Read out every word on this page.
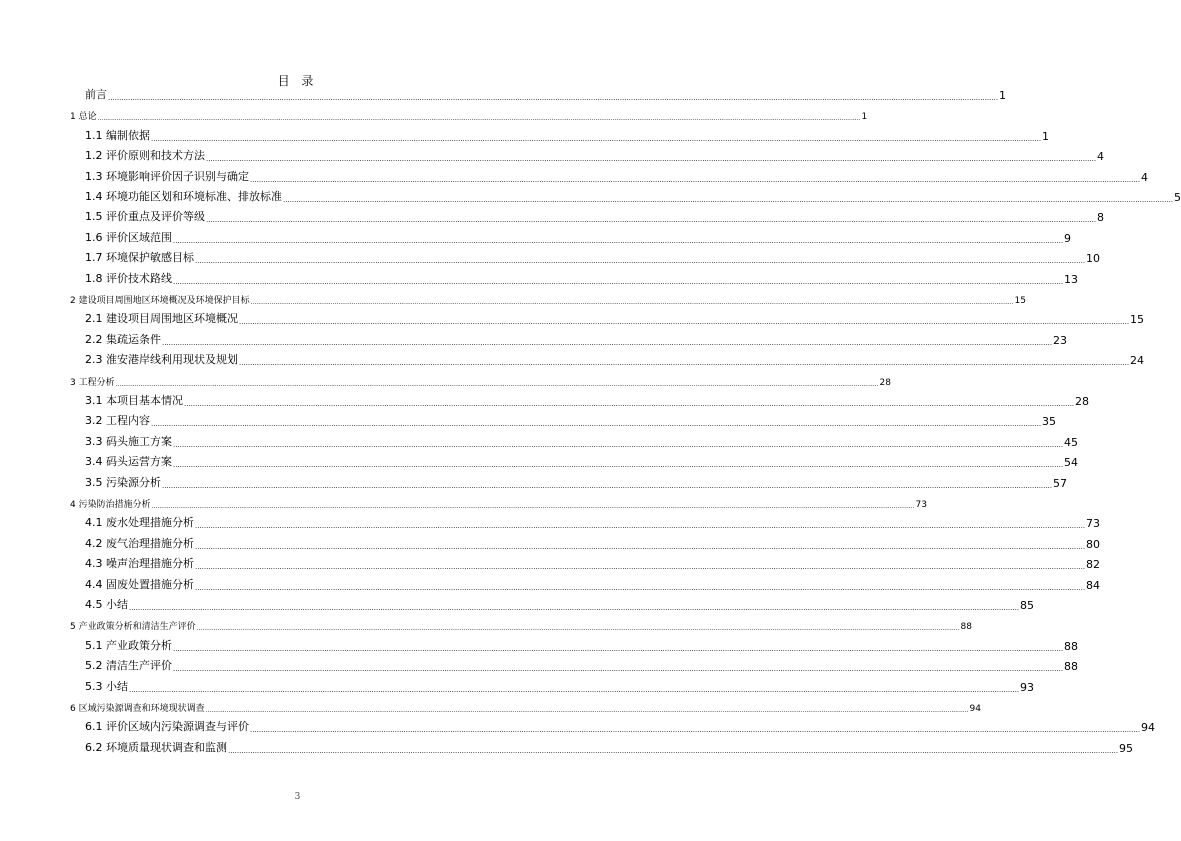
目 录
前言 ................................................................................................................................................................................................................................................................................................................................................................................................................ 1
1 总论 ................................................................................................................................................................................................................................................................................................................................................................................................................ 1
1.1 编制依据 ................................................................................................................................................................................................................................................................................................................................................................................................................ 1
1.2 评价原则和技术方法 ................................................................................................................................................................................................................................................................................................................................................................................................................ 4
1.3 环境影响评价因子识别与确定 ................................................................................................................................................................................................................................................................................................................................................................................................................ 4
1.4 环境功能区划和环境标准、排放标准 ................................................................................................................................................................................................................................................................................................................................................................................................................ 5
1.5 评价重点及评价等级 ................................................................................................................................................................................................................................................................................................................................................................................................................ 8
1.6 评价区域范围 ................................................................................................................................................................................................................................................................................................................................................................................................................ 9
1.7 环境保护敏感目标 ................................................................................................................................................................................................................................................................................................................................................................................................................ 10
1.8 评价技术路线 ................................................................................................................................................................................................................................................................................................................................................................................................................ 13
2 建设项目周围地区环境概况及环境保护目标 ................................................................................................................................................................................................................................................................................................................................................................................................................ 15
2.1 建设项目周围地区环境概况 ................................................................................................................................................................................................................................................................................................................................................................................................................ 15
2.2 集疏运条件 ................................................................................................................................................................................................................................................................................................................................................................................................................ 23
2.3 淮安港岸线利用现状及规划 ................................................................................................................................................................................................................................................................................................................................................................................................................ 24
3 工程分析 ................................................................................................................................................................................................................................................................................................................................................................................................................ 28
3.1 本项目基本情况 ................................................................................................................................................................................................................................................................................................................................................................................................................ 28
3.2 工程内容 ................................................................................................................................................................................................................................................................................................................................................................................................................ 35
3.3 码头施工方案 ................................................................................................................................................................................................................................................................................................................................................................................................................ 45
3.4 码头运营方案 ................................................................................................................................................................................................................................................................................................................................................................................................................ 54
3.5 污染源分析 ................................................................................................................................................................................................................................................................................................................................................................................................................ 57
4 污染防治措施分析 ................................................................................................................................................................................................................................................................................................................................................................................................................ 73
4.1 废水处理措施分析 ................................................................................................................................................................................................................................................................................................................................................................................................................ 73
4.2 废气治理措施分析 ................................................................................................................................................................................................................................................................................................................................................................................................................ 80
4.3 噪声治理措施分析 ................................................................................................................................................................................................................................................................................................................................................................................................................ 82
4.4 固废处置措施分析 ................................................................................................................................................................................................................................................................................................................................................................................................................ 84
4.5 小结 ................................................................................................................................................................................................................................................................................................................................................................................................................ 85
5 产业政策分析和清洁生产评价 ................................................................................................................................................................................................................................................................................................................................................................................................................ 88
5.1 产业政策分析 ................................................................................................................................................................................................................................................................................................................................................................................................................ 88
5.2 清洁生产评价 ................................................................................................................................................................................................................................................................................................................................................................................................................ 88
5.3 小结 ................................................................................................................................................................................................................................................................................................................................................................................................................ 93
6 区域污染源调查和环境现状调查 ................................................................................................................................................................................................................................................................................................................................................................................................................ 94
6.1 评价区域内污染源调查与评价 ................................................................................................................................................................................................................................................................................................................................................................................................................ 94
6.2 环境质量现状调查和监测 ................................................................................................................................................................................................................................................................................................................................................................................................................ 95
3
